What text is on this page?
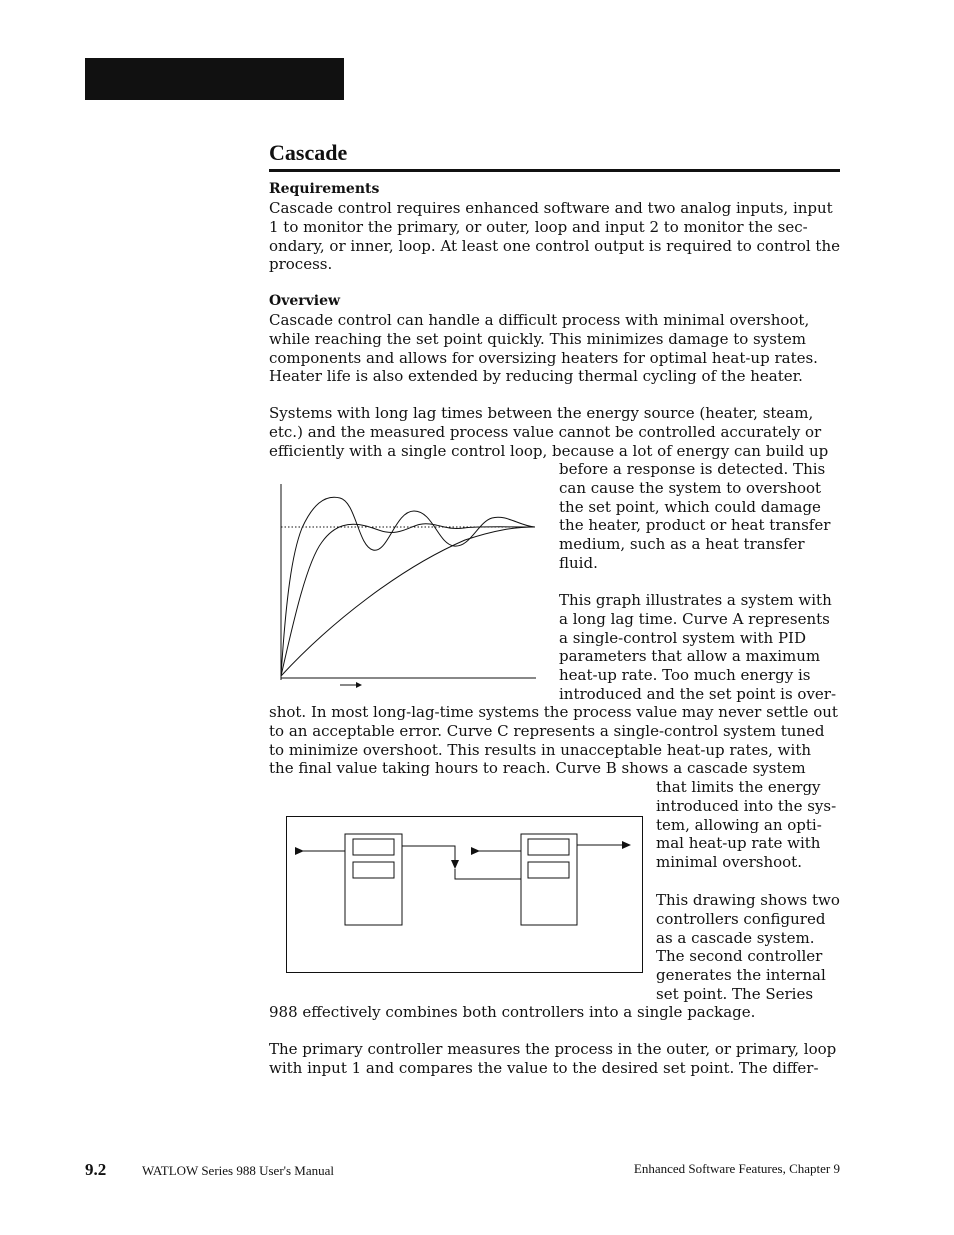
Cascade

Requirements

Cascade control requires enhanced software and two analog inputs, input 1 to monitor the primary, or outer, loop and input 2 to monitor the sec-ondary, or inner, loop. At least one control output is required to control the process.

Overview

Cascade control can handle a difficult process with minimal overshoot, while reaching the set point quickly. This minimizes damage to system components and allows for oversizing heaters for optimal heat-up rates. Heater life is also extended by reducing thermal cycling of the heater.

Systems with long lag times between the energy source (heater, steam, etc.) and the measured process value cannot be controlled accurately or efficiently with a single control loop, because a lot of energy can build up

before a response is detected. This can cause the system to overshoot the set point, which could damage the heater, product or heat transfer medium, such as a heat transfer fluid.

This graph illustrates a system with a long lag time. Curve A represents a single-control system with PID parameters that allow a maximum heat-up rate. Too much energy is introduced and the set point is over-

shot. In most long-lag-time systems the process value may never settle out to an acceptable error. Curve C represents a single-control system tuned to minimize overshoot. This results in unacceptable heat-up rates, with the final value taking hours to reach. Curve B shows a cascade system

that limits the energy introduced into the sys-tem, allowing an opti-mal heat-up rate with minimal overshoot.

This drawing shows two controllers configured as a cascade system. The second controller generates the internal set point. The Series

988 effectively combines both controllers into a single package.

The primary controller measures the process in the outer, or primary, loop with input 1 and compares the value to the desired set point. The differ-

9.2	WATLOW Series 988 User's Manual	Enhanced Software Features, Chapter 9
